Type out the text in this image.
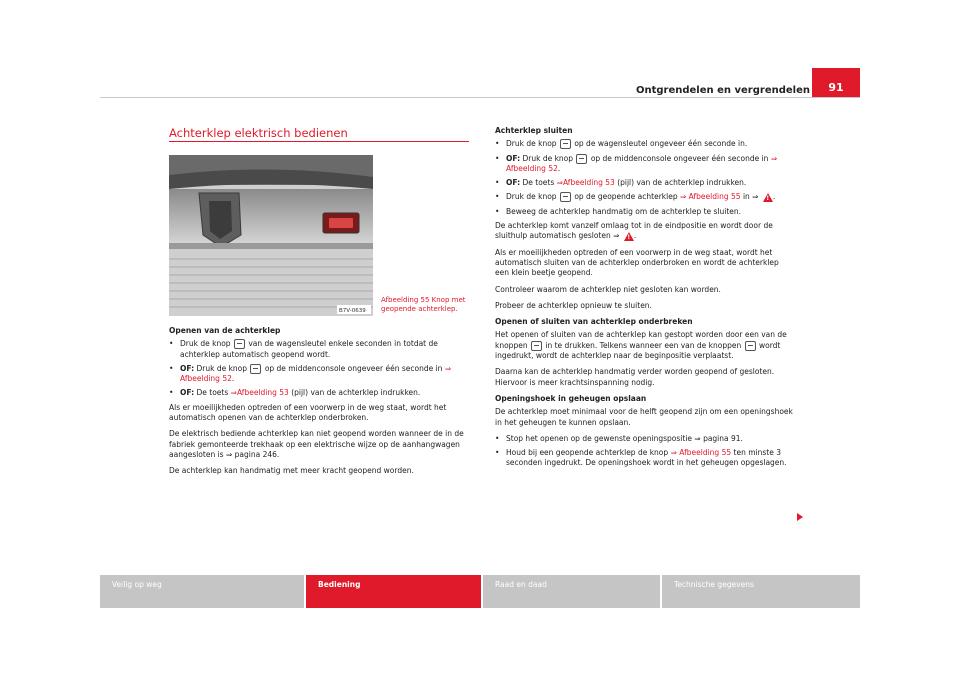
Ontgrendelen en vergrendelen	91
Achterklep elektrisch bedienen
B7V-0639
Afbeelding 55 Knop met geopende achterklep.

Openen van de achterklep

• Druk de knop van de wagensleutel enkele seconden in totdat de achterklep automatisch geopend wordt.

• OF: Druk de knop op de middenconsole ongeveer één seconde in ⇒ Afbeelding 52.

• OF: De toets ⇒Afbeelding 53 (pijl) van de achterklep indrukken.

Als er moeilijkheden optreden of een voorwerp in de weg staat, wordt het automatisch openen van de achterklep onderbroken.

De elektrisch bediende achterklep kan niet geopend worden wanneer de in de fabriek gemonteerde trekhaak op een elektrische wijze op de aanhangwagen aangesloten is ⇒ pagina 246.

De achterklep kan handmatig met meer kracht geopend worden.

Achterklep sluiten

• Druk de knop op de wagensleutel ongeveer één seconde in.

• OF: Druk de knop op de middenconsole ongeveer één seconde in ⇒ Afbeelding 52.

• OF: De toets ⇒Afbeelding 53 (pijl) van de achterklep indrukken.

• Druk de knop op de geopende achterklep ⇒ Afbeelding 55 in ⇒ ! .

• Beweeg de achterklep handmatig om de achterklep te sluiten.

De achterklep komt vanzelf omlaag tot in de eindpositie en wordt door de sluithulp automatisch gesloten ⇒ ! .

Als er moeilijkheden optreden of een voorwerp in de weg staat, wordt het automatisch sluiten van de achterklep onderbroken en wordt de achterklep een klein beetje geopend.

Controleer waarom de achterklep niet gesloten kan worden.

Probeer de achterklep opnieuw te sluiten.

Openen of sluiten van achterklep onderbreken

Het openen of sluiten van de achterklep kan gestopt worden door een van de knoppen in te drukken. Telkens wanneer een van de knoppen wordt ingedrukt, wordt de achterklep naar de beginpositie verplaatst.

Daarna kan de achterklep handmatig verder worden geopend of gesloten. Hiervoor is meer krachtsinspanning nodig.

Openingshoek in geheugen opslaan

De achterklep moet minimaal voor de helft geopend zijn om een openingshoek in het geheugen te kunnen opslaan.

• Stop het openen op de gewenste openingspositie ⇒ pagina 91.

• Houd bij een geopende achterklep de knop ⇒ Afbeelding 55 ten minste 3 seconden ingedrukt. De openingshoek wordt in het geheugen opgeslagen.

Veilig op weg	Bediening	Raad en daad	Technische gegevens
